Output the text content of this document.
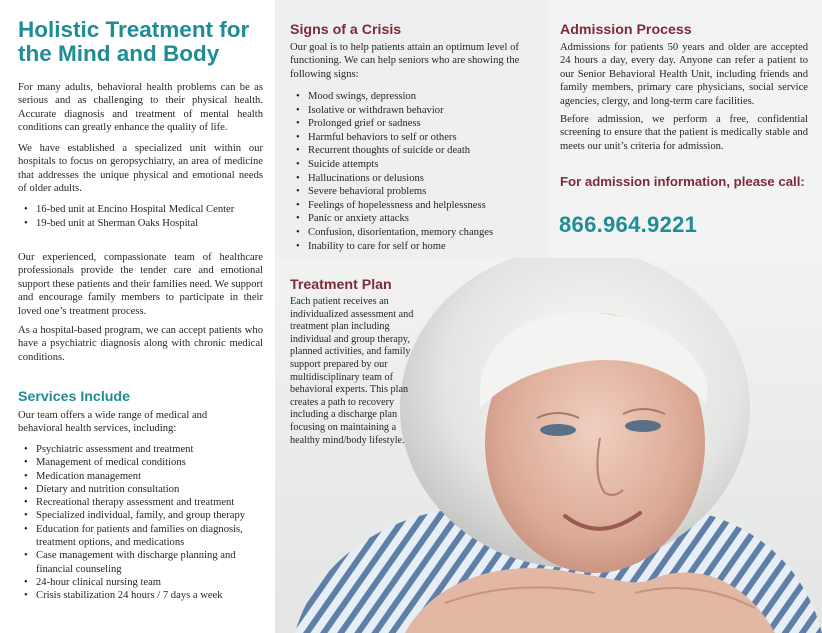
Holistic Treatment for the Mind and Body

For many adults, behavioral health problems can be as serious and as challenging to their physical health. Accurate diagnosis and treatment of mental health conditions can greatly enhance the quality of life.

We have established a specialized unit within our hospitals to focus on geropsychiatry, an area of medicine that addresses the unique physical and emotional needs of older adults.

• 16-bed unit at Encino Hospital Medical Center
• 19-bed unit at Sherman Oaks Hospital

Our experienced, compassionate team of healthcare professionals provide the tender care and emotional support these patients and their families need. We support and encourage family members to participate in their loved one’s treatment process.

As a hospital-based program, we can accept patients who have a psychiatric diagnosis along with chronic medical conditions.

Services Include

Our team offers a wide range of medical and behavioral health services, including:

• Psychiatric assessment and treatment
• Management of medical conditions
• Medication management
• Dietary and nutrition consultation
• Recreational therapy assessment and treatment
• Specialized individual, family, and group therapy
• Education for patients and families on diagnosis, treatment options, and medications
• Case management with discharge planning and financial counseling
• 24-hour clinical nursing team
• Crisis stabilization 24 hours / 7 days a week
Signs of a Crisis

Our goal is to help patients attain an optimum level of functioning. We can help seniors who are showing the following signs:

• Mood swings, depression
• Isolative or withdrawn behavior
• Prolonged grief or sadness
• Harmful behaviors to self or others
• Recurrent thoughts of suicide or death
• Suicide attempts
• Hallucinations or delusions
• Severe behavioral problems
• Feelings of hopelessness and helplessness
• Panic or anxiety attacks
• Confusion, disorientation, memory changes
• Inability to care for self or home
Treatment Plan

Each patient receives an individualized assessment and treatment plan including individual and group therapy, planned activities, and family support prepared by our multidisciplinary team of behavioral experts. This plan creates a path to recovery including a discharge plan focusing on maintaining a healthy mind/body lifestyle.

Admission Process

Admissions for patients 50 years and older are accepted 24 hours a day, every day. Anyone can refer a patient to our Senior Behavioral Health Unit, including friends and family members, primary care physicians, social service agencies, clergy, and long-term care facilities.

Before admission, we perform a free, confidential screening to ensure that the patient is medically stable and meets our unit’s criteria for admission.

For admission information, please call:

866.964.9221
